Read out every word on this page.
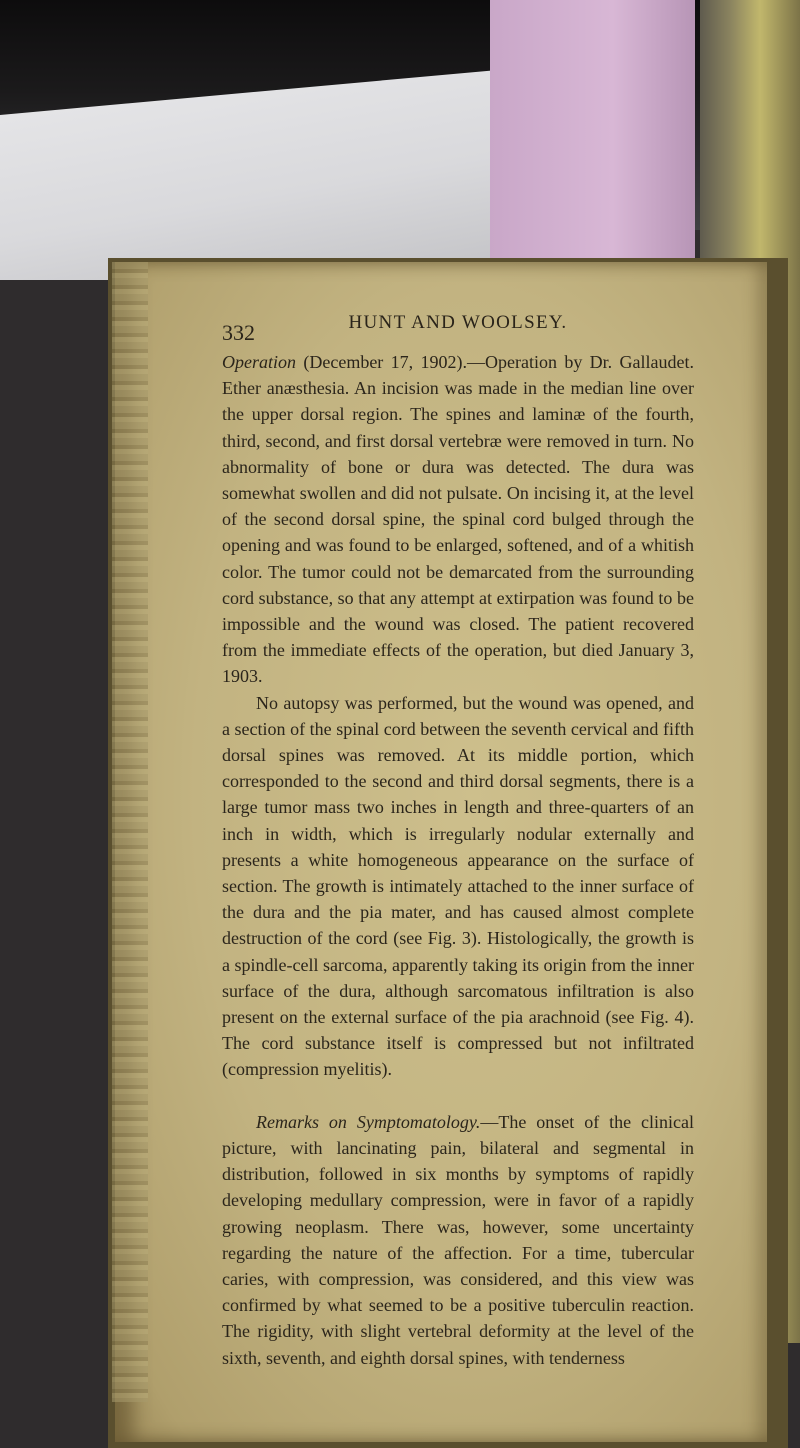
332	HUNT AND WOOLSEY.

Operation (December 17, 1902).—Operation by Dr. Gallaudet. Ether anæsthesia. An incision was made in the median line over the upper dorsal region. The spines and laminæ of the fourth, third, second, and first dorsal vertebræ were removed in turn. No abnormality of bone or dura was detected. The dura was somewhat swollen and did not pulsate. On incising it, at the level of the second dorsal spine, the spinal cord bulged through the opening and was found to be enlarged, softened, and of a whitish color. The tumor could not be demarcated from the surrounding cord substance, so that any attempt at extirpation was found to be impossible and the wound was closed. The patient recovered from the immediate effects of the operation, but died January 3, 1903.

No autopsy was performed, but the wound was opened, and a section of the spinal cord between the seventh cervical and fifth dorsal spines was removed. At its middle portion, which corresponded to the second and third dorsal segments, there is a large tumor mass two inches in length and three-quarters of an inch in width, which is irregularly nodular externally and presents a white homogeneous appearance on the surface of section. The growth is intimately attached to the inner surface of the dura and the pia mater, and has caused almost complete destruction of the cord (see Fig. 3). Histologically, the growth is a spindle-cell sarcoma, apparently taking its origin from the inner surface of the dura, although sarcomatous infiltration is also present on the external surface of the pia arachnoid (see Fig. 4). The cord substance itself is compressed but not infiltrated (compression myelitis).

Remarks on Symptomatology.—The onset of the clinical picture, with lancinating pain, bilateral and segmental in distribution, followed in six months by symptoms of rapidly developing medullary compression, were in favor of a rapidly growing neoplasm. There was, however, some uncertainty regarding the nature of the affection. For a time, tubercular caries, with compression, was considered, and this view was confirmed by what seemed to be a positive tuberculin reaction. The rigidity, with slight vertebral deformity at the level of the sixth, seventh, and eighth dorsal spines, with tenderness
